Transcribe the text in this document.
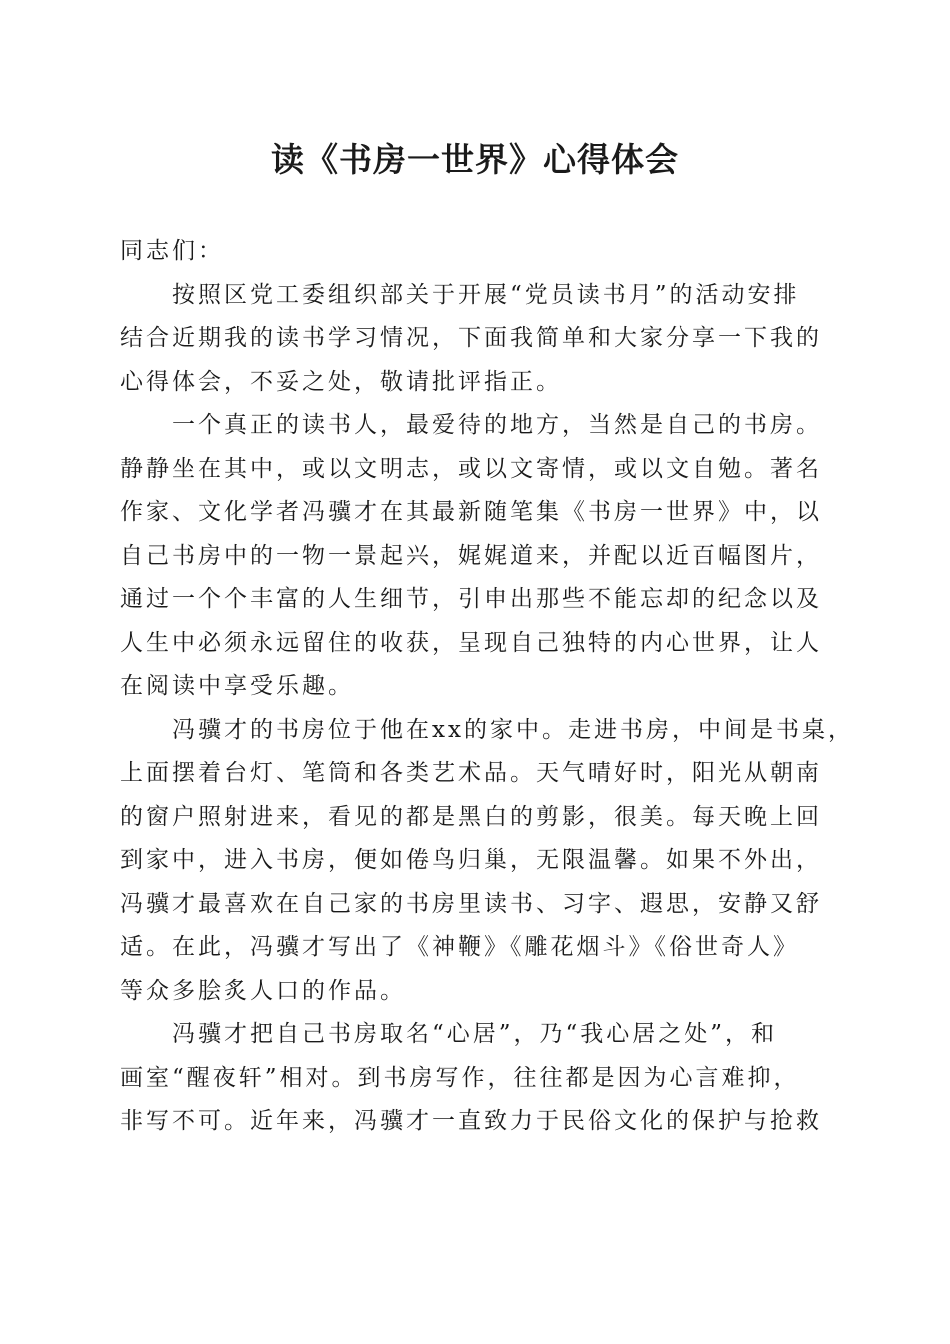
读《书房一世界》心得体会
同志们：
按照区党工委组织部关于开展“党员读书月”的活动安排
结合近期我的读书学习情况，下面我简单和大家分享一下我的
心得体会，不妥之处，敬请批评指正。
一个真正的读书人，最爱待的地方，当然是自己的书房。
静静坐在其中，或以文明志，或以文寄情，或以文自勉。著名
作家、文化学者冯骥才在其最新随笔集《书房一世界》中，以
自己书房中的一物一景起兴，娓娓道来，并配以近百幅图片，
通过一个个丰富的人生细节，引申出那些不能忘却的纪念以及
人生中必须永远留住的收获，呈现自己独特的内心世界，让人
在阅读中享受乐趣。
冯骥才的书房位于他在xx的家中。走进书房，中间是书桌，
上面摆着台灯、笔筒和各类艺术品。天气晴好时，阳光从朝南
的窗户照射进来，看见的都是黑白的剪影，很美。每天晚上回
到家中，进入书房，便如倦鸟归巢，无限温馨。如果不外出，
冯骥才最喜欢在自己家的书房里读书、习字、遐思，安静又舒
适。在此，冯骥才写出了《神鞭》《雕花烟斗》《俗世奇人》
等众多脍炙人口的作品。
冯骥才把自己书房取名“心居”，乃“我心居之处”，和
画室“醒夜轩”相对。到书房写作，往往都是因为心言难抑，
非写不可。近年来，冯骥才一直致力于民俗文化的保护与抢救
